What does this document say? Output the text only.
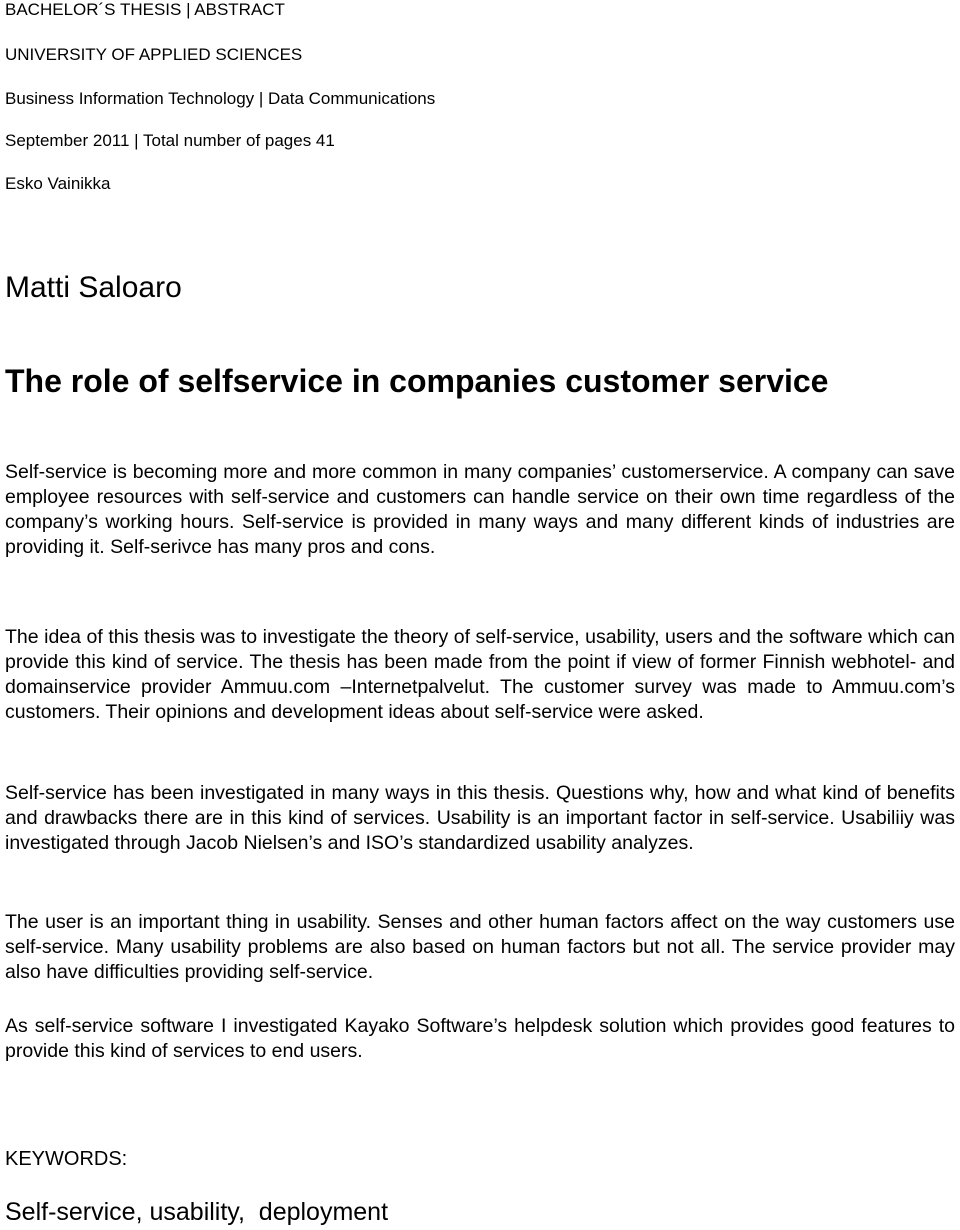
BACHELOR´S THESIS | ABSTRACT
UNIVERSITY OF APPLIED SCIENCES
Business Information Technology | Data Communications
September 2011 | Total number of pages 41
Esko Vainikka
Matti Saloaro
The role of selfservice in companies customer service

Self-service is becoming more and more common in many companies’ customerservice. A company can save employee resources with self-service and customers can handle service on their own time regardless of the company’s working hours. Self-service is provided in many ways and many different kinds of industries are providing it. Self-serivce has many pros and cons.

The idea of this thesis was to investigate the theory of self-service, usability, users and the software which can provide this kind of service. The thesis has been made from the point if view of former Finnish webhotel- and domainservice provider Ammuu.com –Internetpalvelut. The customer survey was made to Ammuu.com’s customers. Their opinions and development ideas about self-service were asked.

Self-service has been investigated in many ways in this thesis. Questions why, how and what kind of benefits and drawbacks there are in this kind of services. Usability is an important factor in self-service. Usabiliiy was investigated through Jacob Nielsen’s and ISO’s standardized usability analyzes.

The user is an important thing in usability. Senses and other human factors affect on the way customers use self-service. Many usability problems are also based on human factors but not all. The service provider may also have difficulties providing self-service.

As self-service software I investigated Kayako Software’s helpdesk solution which provides good features to provide this kind of services to end users.

KEYWORDS:
Self-service, usability,  deployment
